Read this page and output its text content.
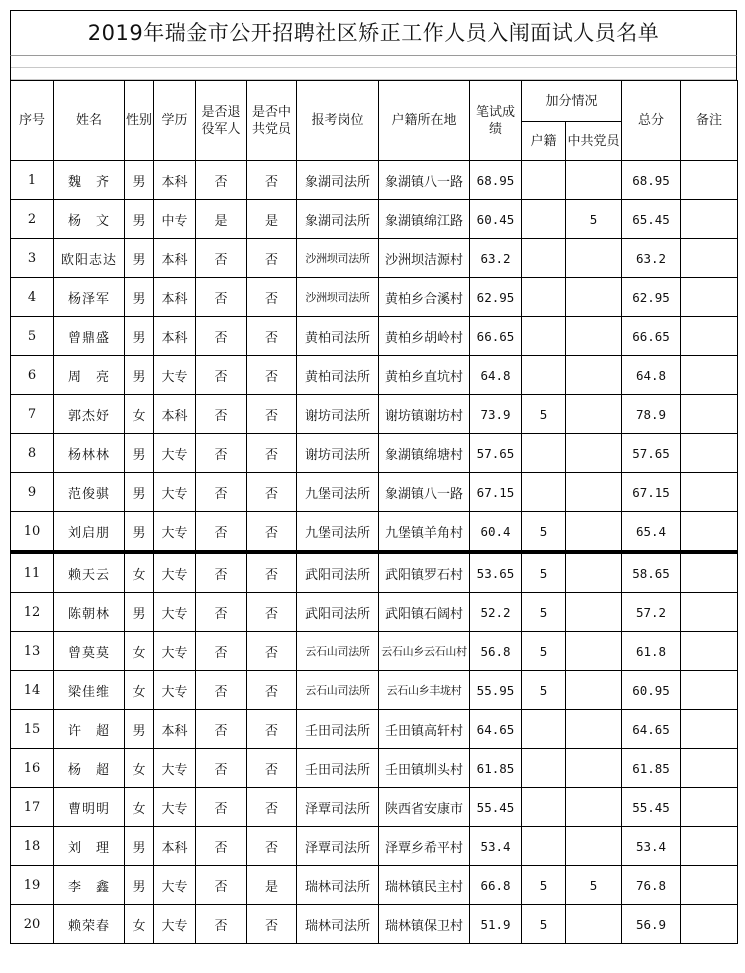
2019年瑞金市公开招聘社区矫正工作人员入闱面试人员名单
序号	姓名	性别	学历	是否退役军人	是否中共党员	报考岗位	户籍所在地	笔试成绩	加分情况		总分	备注
									户籍	中共党员		
1	魏　齐	男	本科	否	否	象湖司法所	象湖镇八一路	68.95			68.95	
2	杨　文	男	中专	是	是	象湖司法所	象湖镇绵江路	60.45		5	65.45	
3	欧阳志达	男	本科	否	否	沙洲坝司法所	沙洲坝洁源村	63.2			63.2	
4	杨泽军	男	本科	否	否	沙洲坝司法所	黄柏乡合溪村	62.95			62.95	
5	曾鼎盛	男	本科	否	否	黄柏司法所	黄柏乡胡岭村	66.65			66.65	
6	周　亮	男	大专	否	否	黄柏司法所	黄柏乡直坑村	64.8			64.8	
7	郭杰妤	女	本科	否	否	谢坊司法所	谢坊镇谢坊村	73.9	5		78.9	
8	杨林林	男	大专	否	否	谢坊司法所	象湖镇绵塘村	57.65			57.65	
9	范俊骐	男	大专	否	否	九堡司法所	象湖镇八一路	67.15			67.15	
10	刘启朋	男	大专	否	否	九堡司法所	九堡镇羊角村	60.4	5		65.4	

11	赖天云	女	大专	否	否	武阳司法所	武阳镇罗石村	53.65	5		58.65	
12	陈朝林	男	大专	否	否	武阳司法所	武阳镇石阔村	52.2	5		57.2	
13	曾莫莫	女	大专	否	否	云石山司法所	云石山乡云石山村	56.8	5		61.8	
14	梁佳维	女	大专	否	否	云石山司法所	云石山乡丰垅村	55.95	5		60.95	
15	许　超	男	本科	否	否	壬田司法所	壬田镇高轩村	64.65			64.65	
16	杨　超	女	大专	否	否	壬田司法所	壬田镇圳头村	61.85			61.85	
17	曹明明	女	大专	否	否	泽覃司法所	陕西省安康市	55.45			55.45	
18	刘　理	男	本科	否	否	泽覃司法所	泽覃乡希平村	53.4			53.4	
19	李　鑫	男	大专	否	是	瑞林司法所	瑞林镇民主村	66.8	5	5	76.8	
20	赖荣春	女	大专	否	否	瑞林司法所	瑞林镇保卫村	51.9	5		56.9	
